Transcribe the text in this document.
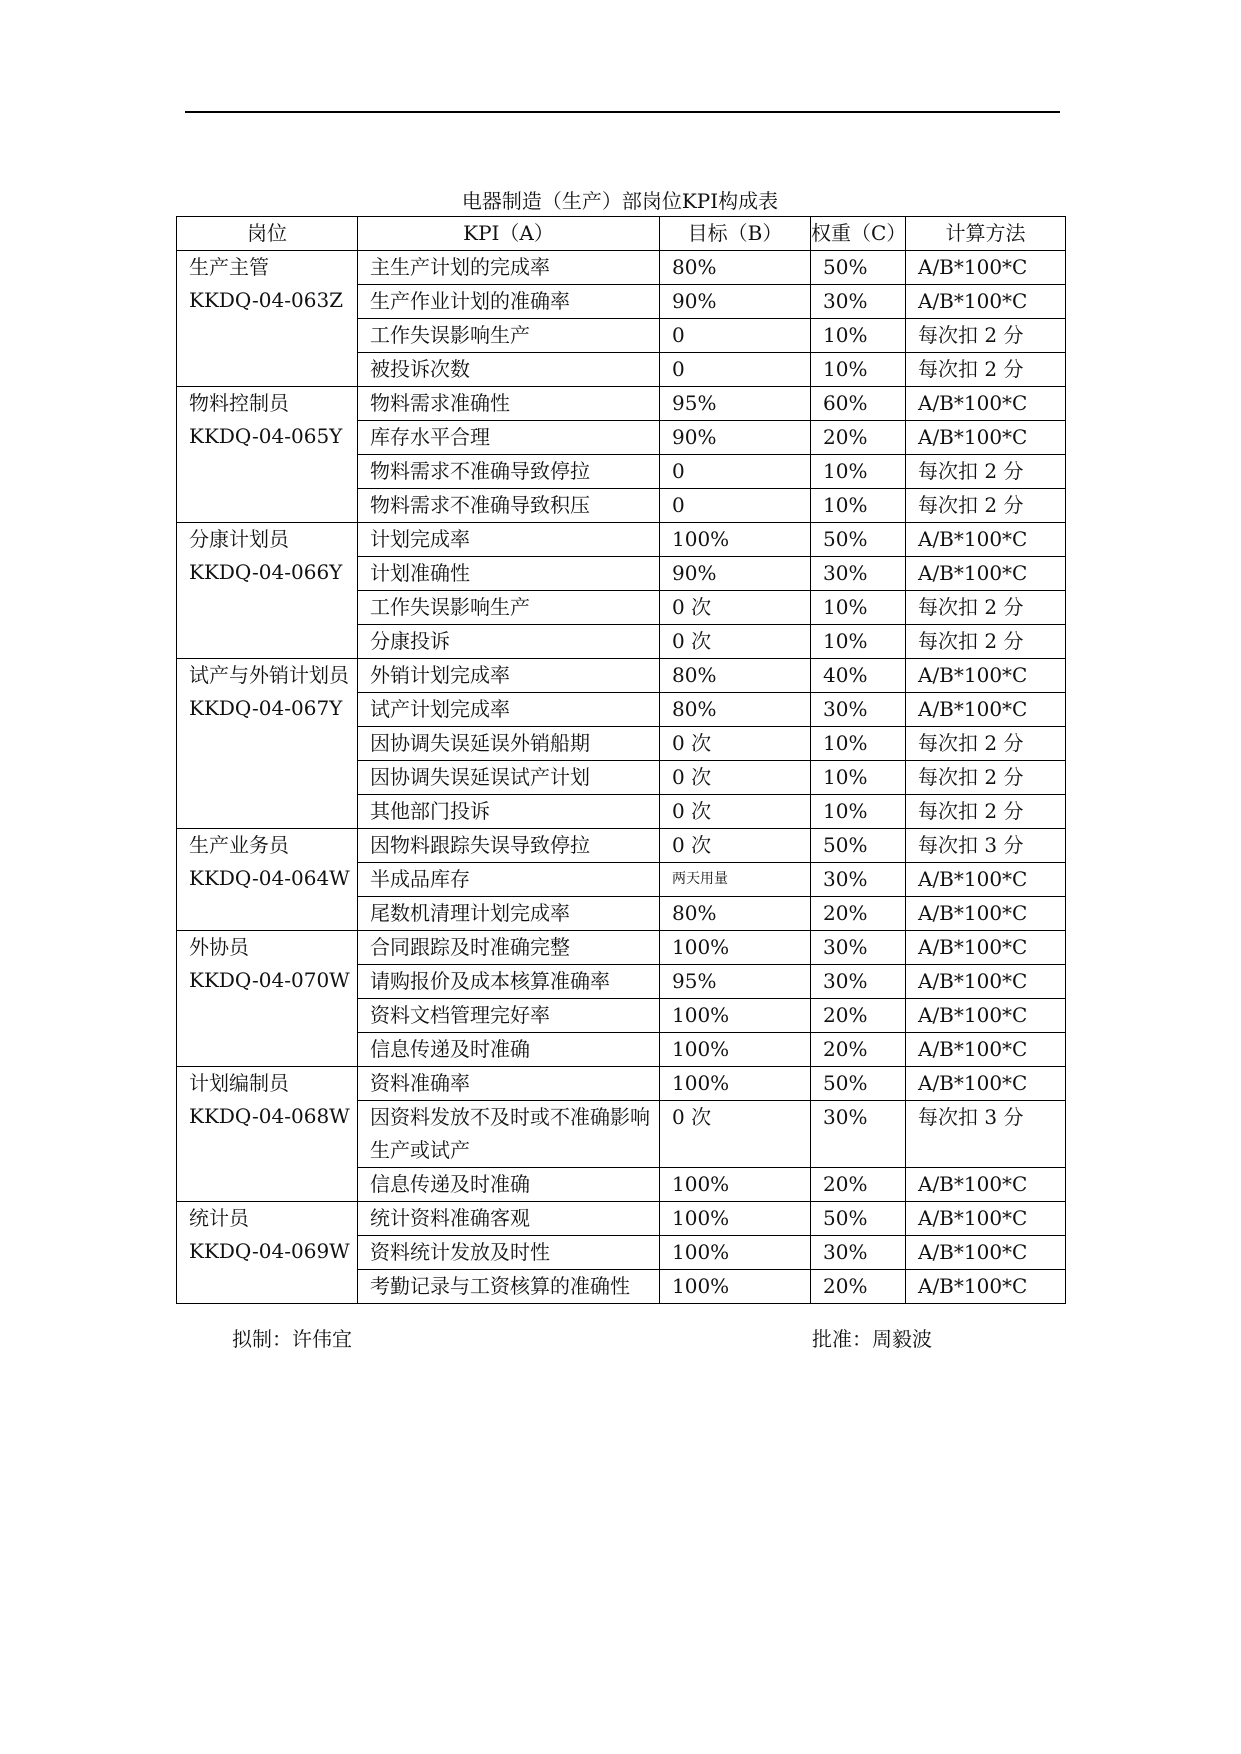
电器制造（生产）部岗位KPI构成表
岗位	KPI（A）	目标（B）	权重（C）	计算方法

生产主管
KKDQ-04-063Z	主生产计划的完成率	80%	50%	A/B*100*C
	生产作业计划的准确率	90%	30%	A/B*100*C
	工作失误影响生产	0	10%	每次扣 2 分
	被投诉次数	0	10%	每次扣 2 分

物料控制员
KKDQ-04-065Y	物料需求准确性	95%	60%	A/B*100*C
	库存水平合理	90%	20%	A/B*100*C
	物料需求不准确导致停拉	0	10%	每次扣 2 分
	物料需求不准确导致积压	0	10%	每次扣 2 分

分康计划员
KKDQ-04-066Y	计划完成率	100%	50%	A/B*100*C
	计划准确性	90%	30%	A/B*100*C
	工作失误影响生产	0 次	10%	每次扣 2 分
	分康投诉	0 次	10%	每次扣 2 分

试产与外销计划员
KKDQ-04-067Y	外销计划完成率	80%	40%	A/B*100*C
	试产计划完成率	80%	30%	A/B*100*C
	因协调失误延误外销船期	0 次	10%	每次扣 2 分
	因协调失误延误试产计划	0 次	10%	每次扣 2 分
	其他部门投诉	0 次	10%	每次扣 2 分

生产业务员
KKDQ-04-064W	因物料跟踪失误导致停拉	0 次	50%	每次扣 3 分
	半成品库存	两天用量	30%	A/B*100*C
	尾数机清理计划完成率	80%	20%	A/B*100*C

外协员
KKDQ-04-070W	合同跟踪及时准确完整	100%	30%	A/B*100*C
	请购报价及成本核算准确率	95%	30%	A/B*100*C
	资料文档管理完好率	100%	20%	A/B*100*C
	信息传递及时准确	100%	20%	A/B*100*C

计划编制员
KKDQ-04-068W	资料准确率	100%	50%	A/B*100*C
	因资料发放不及时或不准确影响生产或试产	0 次	30%	每次扣 3 分
	信息传递及时准确	100%	20%	A/B*100*C

统计员
KKDQ-04-069W	统计资料准确客观	100%	50%	A/B*100*C
	资料统计发放及时性	100%	30%	A/B*100*C
	考勤记录与工资核算的准确性	100%	20%	A/B*100*C
拟制：许伟宜	批准：周毅波
